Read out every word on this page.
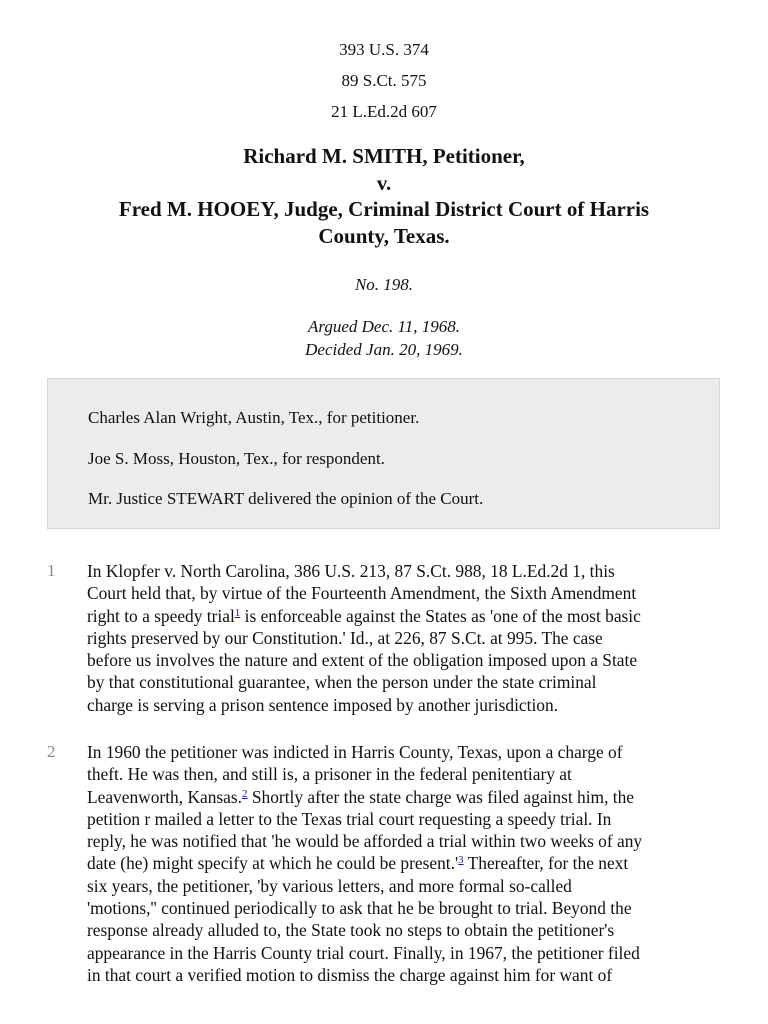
393 U.S. 374
89 S.Ct. 575
21 L.Ed.2d 607
Richard M. SMITH, Petitioner,
v.
Fred M. HOOEY, Judge, Criminal District Court of Harris
County, Texas.
No. 198.
Argued Dec. 11, 1968.
Decided Jan. 20, 1969.
Charles Alan Wright, Austin, Tex., for petitioner.
Joe S. Moss, Houston, Tex., for respondent.
Mr. Justice STEWART delivered the opinion of the Court.
1 In Klopfer v. North Carolina, 386 U.S. 213, 87 S.Ct. 988, 18 L.Ed.2d 1, this
Court held that, by virtue of the Fourteenth Amendment, the Sixth Amendment
right to a speedy trial$^1$ is enforceable against the States as 'one of the most basic
rights preserved by our Constitution.' Id., at 226, 87 S.Ct. at 995. The case
before us involves the nature and extent of the obligation imposed upon a State
by that constitutional guarantee, when the person under the state criminal
charge is serving a prison sentence imposed by another jurisdiction.
2 In 1960 the petitioner was indicted in Harris County, Texas, upon a charge of
theft. He was then, and still is, a prisoner in the federal penitentiary at
Leavenworth, Kansas.$^2$ Shortly after the state charge was filed against him, the
petition r mailed a letter to the Texas trial court requesting a speedy trial. In
reply, he was notified that 'he would be afforded a trial within two weeks of any
date (he) might specify at which he could be present.'$^3$ Thereafter, for the next
six years, the petitioner, 'by various letters, and more formal so-called
'motions,'' continued periodically to ask that he be brought to trial. Beyond the
response already alluded to, the State took no steps to obtain the petitioner's
appearance in the Harris County trial court. Finally, in 1967, the petitioner filed
in that court a verified motion to dismiss the charge against him for want of
